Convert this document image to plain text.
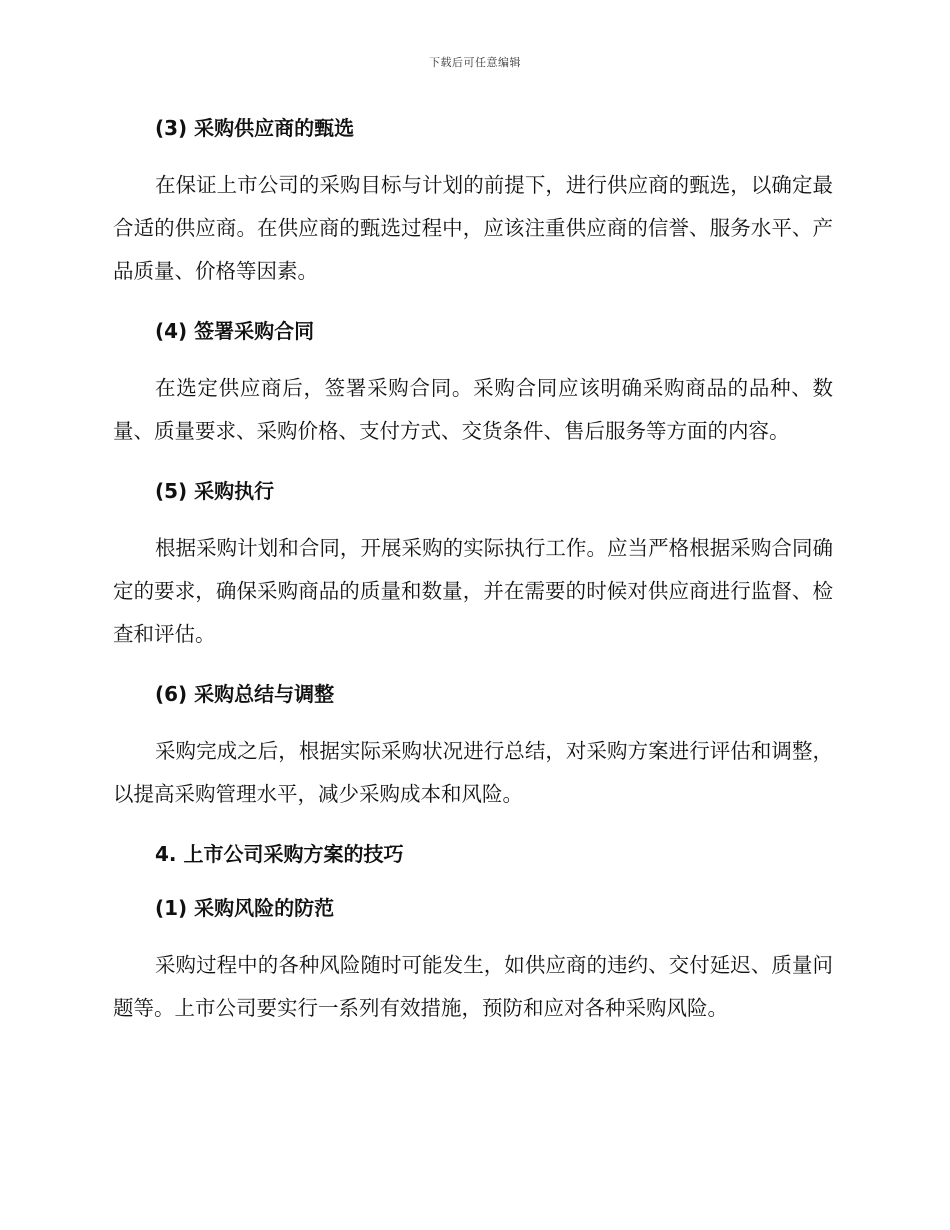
下载后可任意编辑
(3) 采购供应商的甄选

在保证上市公司的采购目标与计划的前提下，进行供应商的甄选，以确定最合适的供应商。在供应商的甄选过程中，应该注重供应商的信誉、服务水平、产品质量、价格等因素。

(4) 签署采购合同

在选定供应商后，签署采购合同。采购合同应该明确采购商品的品种、数量、质量要求、采购价格、支付方式、交货条件、售后服务等方面的内容。

(5) 采购执行

根据采购计划和合同，开展采购的实际执行工作。应当严格根据采购合同确定的要求，确保采购商品的质量和数量，并在需要的时候对供应商进行监督、检查和评估。

(6) 采购总结与调整

采购完成之后，根据实际采购状况进行总结，对采购方案进行评估和调整，以提高采购管理水平，减少采购成本和风险。

4. 上市公司采购方案的技巧
(1) 采购风险的防范

采购过程中的各种风险随时可能发生，如供应商的违约、交付延迟、质量问题等。上市公司要实行一系列有效措施，预防和应对各种采购风险。
